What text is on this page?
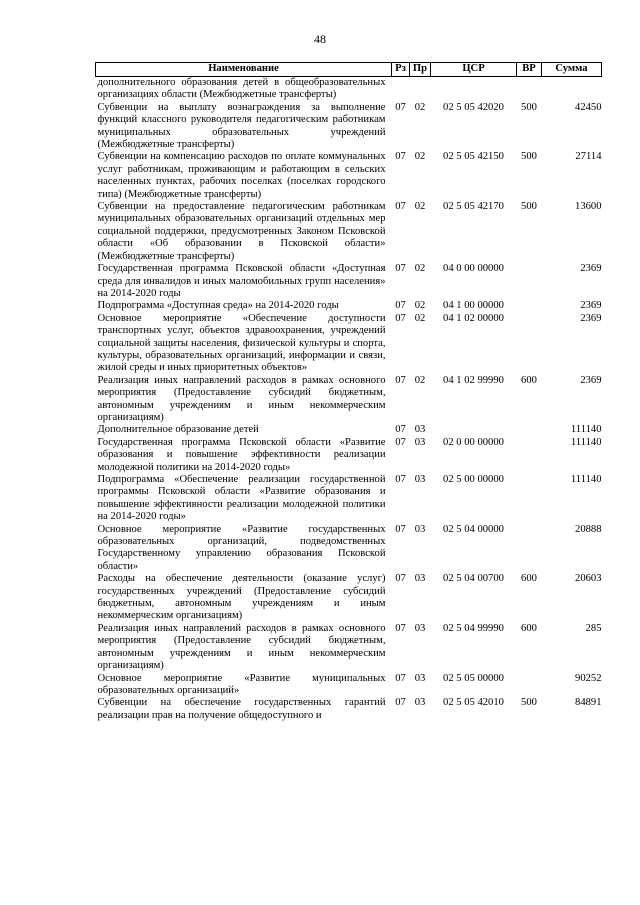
48
Наименование	Рз	Пр	ЦСР	ВР	Сумма
дополнительного образования детей в общеобразовательных организациях области (Межбюджетные трансферты)					
Субвенции на выплату вознаграждения за выполнение функций классного руководителя педагогическим работникам муниципальных образовательных учреждений (Межбюджетные трансферты)	07	02	02 5 05 42020	500	42450
Субвенции на компенсацию расходов по оплате коммунальных услуг работникам, проживающим и работающим в сельских населенных пунктах, рабочих поселках (поселках городского типа) (Межбюджетные трансферты)	07	02	02 5 05 42150	500	27114
Субвенции на предоставление педагогическим работникам муниципальных образовательных организаций отдельных мер социальной поддержки, предусмотренных Законом Псковской области «Об образовании в Псковской области» (Межбюджетные трансферты)	07	02	02 5 05 42170	500	13600
Государственная программа Псковской области «Доступная среда для инвалидов и иных маломобильных групп населения» на 2014-2020 годы	07	02	04 0 00 00000		2369
Подпрограмма «Доступная среда» на 2014-2020 годы	07	02	04 1 00 00000		2369
Основное мероприятие «Обеспечение доступности транспортных услуг, объектов здравоохранения, учреждений социальной защиты населения, физической культуры и спорта, культуры, образовательных организаций, информации и связи, жилой среды и иных приоритетных объектов»	07	02	04 1 02 00000		2369
Реализация иных направлений расходов в рамках основного мероприятия (Предоставление субсидий бюджетным, автономным учреждениям и иным некоммерческим организациям)	07	02	04 1 02 99990	600	2369
Дополнительное образование детей	07	03			111140
Государственная программа Псковской области «Развитие образования и повышение эффективности реализации молодежной политики на 2014-2020 годы»	07	03	02 0 00 00000		111140
Подпрограмма «Обеспечение реализации государственной программы Псковской области «Развитие образования и повышение эффективности реализации молодежной политики на 2014-2020 годы»	07	03	02 5 00 00000		111140
Основное мероприятие «Развитие государственных образовательных организаций, подведомственных Государственному управлению образования Псковской области»	07	03	02 5 04 00000		20888
Расходы на обеспечение деятельности (оказание услуг) государственных учреждений (Предоставление субсидий бюджетным, автономным учреждениям и иным некоммерческим организациям)	07	03	02 5 04 00700	600	20603
Реализация иных направлений расходов в рамках основного мероприятия (Предоставление субсидий бюджетным, автономным учреждениям и иным некоммерческим организациям)	07	03	02 5 04 99990	600	285
Основное мероприятие «Развитие муниципальных образовательных организаций»	07	03	02 5 05 00000		90252
Субвенции на обеспечение государственных гарантий реализации прав на получение общедоступного и	07	03	02 5 05 42010	500	84891
